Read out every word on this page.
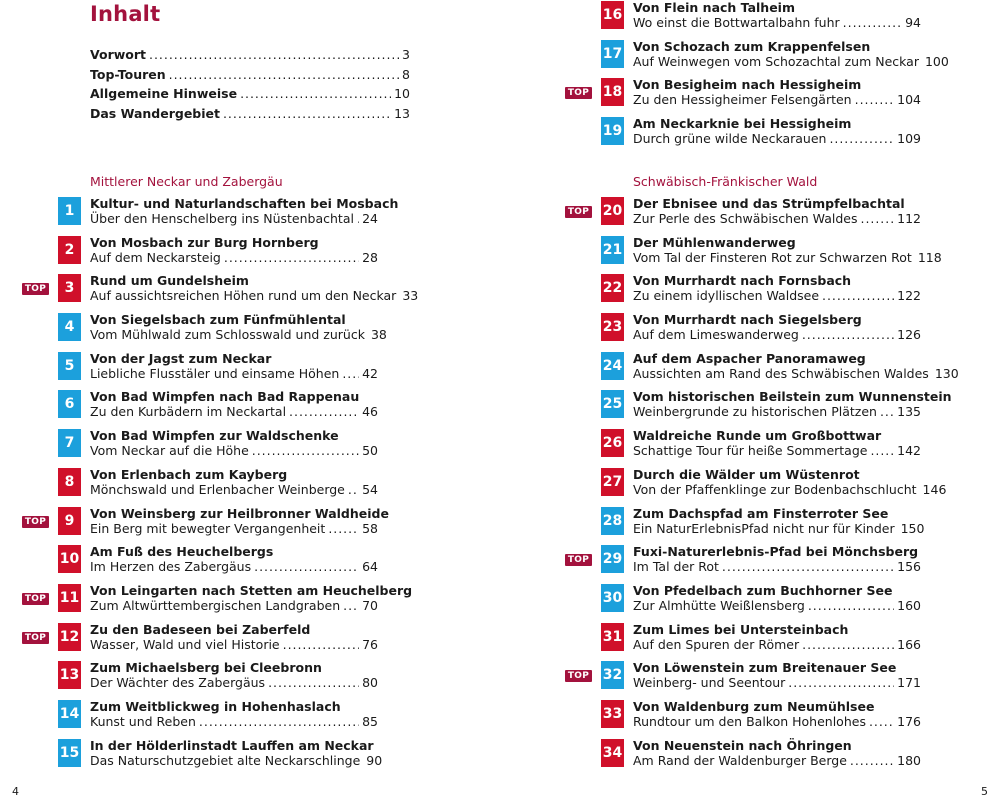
Inhalt
Vorwort . . .	3
Top-Touren . . .	8
Allgemeine Hinweise . . .	10
Das Wandergebiet . . .	13
Mittlerer Neckar und Zabergäu
1	Kultur- und Naturlandschaften bei Mosbach
Über den Henschelberg ins Nüstenbachtal . . . 24
2	Von Mosbach zur Burg Hornberg
Auf dem Neckarsteig . . .	28
TOP	3	Rund um Gundelsheim
Auf aussichtsreichen Höhen rund um den Neckar 33
4	Von Siegelsbach zum Fünfmühlental
Vom Mühlwald zum Schlosswald und zurück 38
5	Von der Jagst zum Neckar
Liebliche Flusstäler und einsame Höhen . . . 42
6	Von Bad Wimpfen nach Bad Rappenau
Zu den Kurbädern im Neckartal . . .	46
7	Von Bad Wimpfen zur Waldschenke
Vom Neckar auf die Höhe . . .	50
8	Von Erlenbach zum Kayberg
Mönchswald und Erlenbacher Weinberge . . . 54
TOP	9	Von Weinsberg zur Heilbronner Waldheide
Ein Berg mit bewegter Vergangenheit . . .	58
10 Am Fuß des Heuchelbergs
Im Herzen des Zabergäus . . .	64
TOP 11 Von Leingarten nach Stetten am Heuchelberg
Zum Altwürttembergischen Landgraben . . . 70
TOP 12 Zu den Badeseen bei Zaberfeld
Wasser, Wald und viel Historie . . .	76
13 Zum Michaelsberg bei Cleebronn
Der Wächter des Zabergäus . . .	80
14 Zum Weitblickweg in Hohenhaslach
Kunst und Reben . . .	85
15 In der Hölderlinstadt Lauffen am Neckar
Das Naturschutzgebiet alte Neckarschlinge 90
4
16 Von Flein nach Talheim
Wo einst die Bottwartalbahn fuhr . . .	94
17 Von Schozach zum Krappenfelsen
Auf Weinwegen vom Schozachtal zum Neckar 100
TOP 18 Von Besigheim nach Hessigheim
Zu den Hessigheimer Felsengärten . . .	104
19 Am Neckarknie bei Hessigheim
Durch grüne wilde Neckarauen . . .	109
Schwäbisch-Fränkischer Wald
TOP 20 Der Ebnisee und das Strümpfelbachtal
Zur Perle des Schwäbischen Waldes . . .	112
21 Der Mühlenwanderweg
Vom Tal der Finsteren Rot zur Schwarzen Rot 118
22 Von Murrhardt nach Fornsbach
Zu einem idyllischen Waldsee . . .	122
23 Von Murrhardt nach Siegelsberg
Auf dem Limeswanderweg . . .	126
24 Auf dem Aspacher Panoramaweg
Aussichten am Rand des Schwäbischen Waldes 130
25 Vom historischen Beilstein zum Wunnenstein
Weinbergrunde zu historischen Plätzen . . . 135
26 Waldreiche Runde um Großbottwar
Schattige Tour für heiße Sommertage . . . 142
27 Durch die Wälder um Wüstenrot
Von der Pfaffenklinge zur Bodenbachschlucht 146
28 Zum Dachspfad am Finsterroter See
Ein NaturErlebnisPfad nicht nur für Kinder 150
TOP 29 Fuxi-Naturerlebnis-Pfad bei Mönchsberg
Im Tal der Rot . . .	156
30 Von Pfedelbach zum Buchhorner See
Zur Almhütte Weißlensberg . . .	160
31 Zum Limes bei Untersteinbach
Auf den Spuren der Römer . . .	166
TOP 32 Von Löwenstein zum Breitenauer See
Weinberg- und Seentour . . .	171
33 Von Waldenburg zum Neumühlsee
Rundtour um den Balkon Hohenlohes . . . 176
34 Von Neuenstein nach Öhringen
Am Rand der Waldenburger Berge . . .	180
5
